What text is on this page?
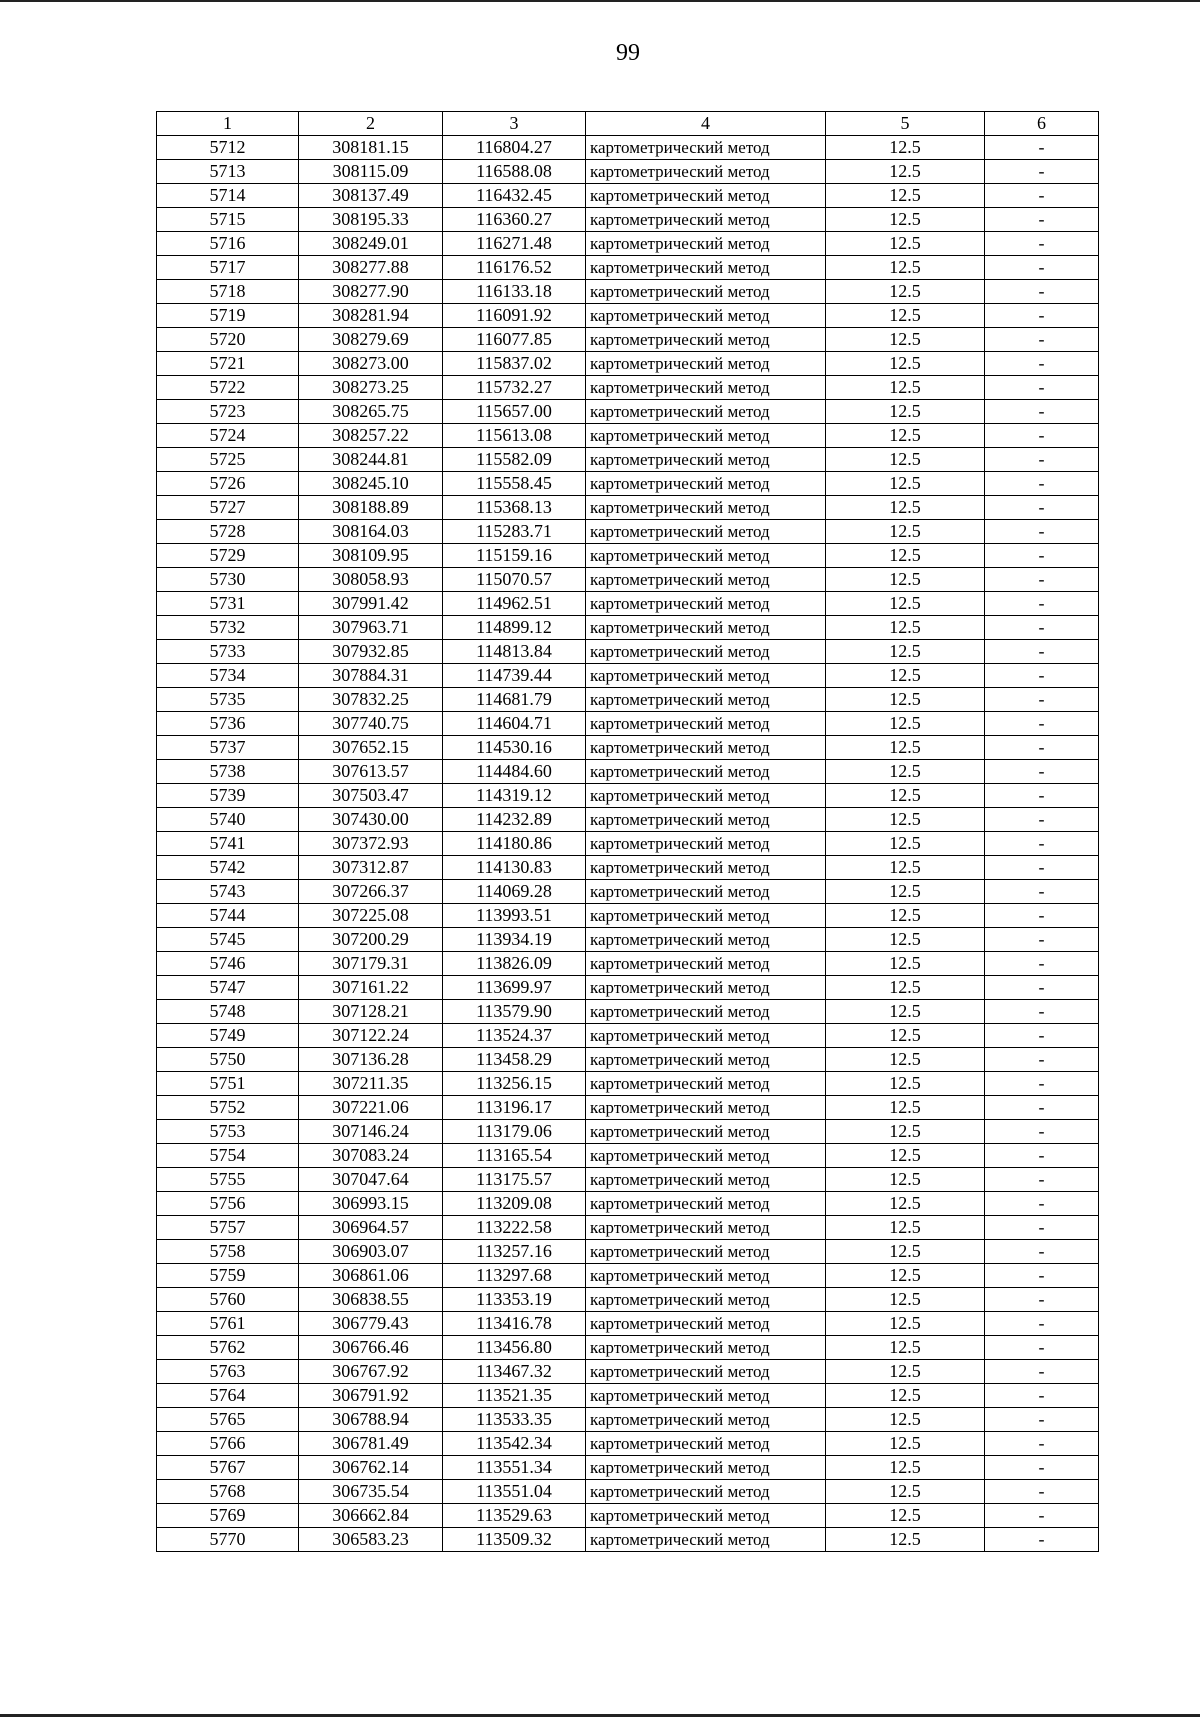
99
1	2	3	4	5	6
5712	308181.15	116804.27	картометрический метод	12.5	-
5713	308115.09	116588.08	картометрический метод	12.5	-
5714	308137.49	116432.45	картометрический метод	12.5	-
5715	308195.33	116360.27	картометрический метод	12.5	-
5716	308249.01	116271.48	картометрический метод	12.5	-
5717	308277.88	116176.52	картометрический метод	12.5	-
5718	308277.90	116133.18	картометрический метод	12.5	-
5719	308281.94	116091.92	картометрический метод	12.5	-
5720	308279.69	116077.85	картометрический метод	12.5	-
5721	308273.00	115837.02	картометрический метод	12.5	-
5722	308273.25	115732.27	картометрический метод	12.5	-
5723	308265.75	115657.00	картометрический метод	12.5	-
5724	308257.22	115613.08	картометрический метод	12.5	-
5725	308244.81	115582.09	картометрический метод	12.5	-
5726	308245.10	115558.45	картометрический метод	12.5	-
5727	308188.89	115368.13	картометрический метод	12.5	-
5728	308164.03	115283.71	картометрический метод	12.5	-
5729	308109.95	115159.16	картометрический метод	12.5	-
5730	308058.93	115070.57	картометрический метод	12.5	-
5731	307991.42	114962.51	картометрический метод	12.5	-
5732	307963.71	114899.12	картометрический метод	12.5	-
5733	307932.85	114813.84	картометрический метод	12.5	-
5734	307884.31	114739.44	картометрический метод	12.5	-
5735	307832.25	114681.79	картометрический метод	12.5	-
5736	307740.75	114604.71	картометрический метод	12.5	-
5737	307652.15	114530.16	картометрический метод	12.5	-
5738	307613.57	114484.60	картометрический метод	12.5	-
5739	307503.47	114319.12	картометрический метод	12.5	-
5740	307430.00	114232.89	картометрический метод	12.5	-
5741	307372.93	114180.86	картометрический метод	12.5	-
5742	307312.87	114130.83	картометрический метод	12.5	-
5743	307266.37	114069.28	картометрический метод	12.5	-
5744	307225.08	113993.51	картометрический метод	12.5	-
5745	307200.29	113934.19	картометрический метод	12.5	-
5746	307179.31	113826.09	картометрический метод	12.5	-
5747	307161.22	113699.97	картометрический метод	12.5	-
5748	307128.21	113579.90	картометрический метод	12.5	-
5749	307122.24	113524.37	картометрический метод	12.5	-
5750	307136.28	113458.29	картометрический метод	12.5	-
5751	307211.35	113256.15	картометрический метод	12.5	-
5752	307221.06	113196.17	картометрический метод	12.5	-
5753	307146.24	113179.06	картометрический метод	12.5	-
5754	307083.24	113165.54	картометрический метод	12.5	-
5755	307047.64	113175.57	картометрический метод	12.5	-
5756	306993.15	113209.08	картометрический метод	12.5	-
5757	306964.57	113222.58	картометрический метод	12.5	-
5758	306903.07	113257.16	картометрический метод	12.5	-
5759	306861.06	113297.68	картометрический метод	12.5	-
5760	306838.55	113353.19	картометрический метод	12.5	-
5761	306779.43	113416.78	картометрический метод	12.5	-
5762	306766.46	113456.80	картометрический метод	12.5	-
5763	306767.92	113467.32	картометрический метод	12.5	-
5764	306791.92	113521.35	картометрический метод	12.5	-
5765	306788.94	113533.35	картометрический метод	12.5	-
5766	306781.49	113542.34	картометрический метод	12.5	-
5767	306762.14	113551.34	картометрический метод	12.5	-
5768	306735.54	113551.04	картометрический метод	12.5	-
5769	306662.84	113529.63	картометрический метод	12.5	-
5770	306583.23	113509.32	картометрический метод	12.5	-
